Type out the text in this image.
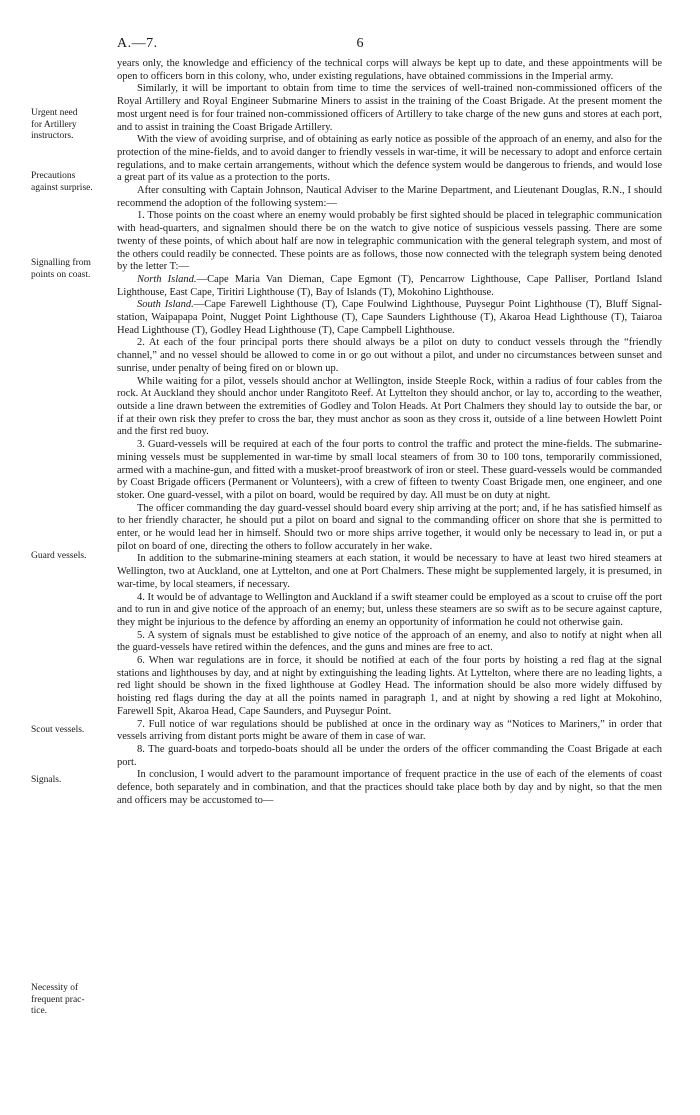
A.—7.	6
Urgent need
for Artillery
instructors.
Precautions
against surprise.
Signalling from
points on coast.
Guard vessels.
Scout vessels.
Signals.
Necessity of
frequent prac-
tice.

years only, the knowledge and efficiency of the technical corps will always be kept up to date, and these appointments will be open to officers born in this colony, who, under existing regulations, have obtained commissions in the Imperial army.

Similarly, it will be important to obtain from time to time the services of well-trained non-commissioned officers of the Royal Artillery and Royal Engineer Submarine Miners to assist in the training of the Coast Brigade. At the present moment the most urgent need is for four trained non-commissioned officers of Artillery to take charge of the new guns and stores at each port, and to assist in training the Coast Brigade Artillery.

With the view of avoiding surprise, and of obtaining as early notice as possible of the approach of an enemy, and also for the protection of the mine-fields, and to avoid danger to friendly vessels in war-time, it will be necessary to adopt and enforce certain regulations, and to make certain arrangements, without which the defence system would be dangerous to friends, and would lose a great part of its value as a protection to the ports.

After consulting with Captain Johnson, Nautical Adviser to the Marine Department, and Lieutenant Douglas, R.N., I should recommend the adoption of the following system:—

1. Those points on the coast where an enemy would probably be first sighted should be placed in telegraphic communication with head-quarters, and signalmen should there be on the watch to give notice of suspicious vessels passing. There are some twenty of these points, of which about half are now in telegraphic communication with the general telegraph system, and most of the others could readily be connected. These points are as follows, those now connected with the telegraph system being denoted by the letter T:—

North Island.—Cape Maria Van Dieman, Cape Egmont (T), Pencarrow Lighthouse, Cape Palliser, Portland Island Lighthouse, East Cape, Tiritiri Lighthouse (T), Bay of Islands (T), Mokohino Lighthouse.

South Island.—Cape Farewell Lighthouse (T), Cape Foulwind Lighthouse, Puysegur Point Lighthouse (T), Bluff Signal-station, Waipapapa Point, Nugget Point Lighthouse (T), Cape Saunders Lighthouse (T), Akaroa Head Lighthouse (T), Taiaroa Head Lighthouse (T), Godley Head Lighthouse (T), Cape Campbell Lighthouse.

2. At each of the four principal ports there should always be a pilot on duty to conduct vessels through the “friendly channel,” and no vessel should be allowed to come in or go out without a pilot, and under no circumstances between sunset and sunrise, under penalty of being fired on or blown up.

While waiting for a pilot, vessels should anchor at Wellington, inside Steeple Rock, within a radius of four cables from the rock. At Auckland they should anchor under Rangitoto Reef. At Lyttelton they should anchor, or lay to, according to the weather, outside a line drawn between the extremities of Godley and Tolon Heads. At Port Chalmers they should lay to outside the bar, or if at their own risk they prefer to cross the bar, they must anchor as soon as they cross it, outside of a line between Howlett Point and the first red buoy.

3. Guard-vessels will be required at each of the four ports to control the traffic and protect the mine-fields. The submarine-mining vessels must be supplemented in war-time by small local steamers of from 30 to 100 tons, temporarily commissioned, armed with a machine-gun, and fitted with a musket-proof breastwork of iron or steel. These guard-vessels would be commanded by Coast Brigade officers (Permanent or Volunteers), with a crew of fifteen to twenty Coast Brigade men, one engineer, and one stoker. One guard-vessel, with a pilot on board, would be required by day. All must be on duty at night.

The officer commanding the day guard-vessel should board every ship arriving at the port; and, if he has satisfied himself as to her friendly character, he should put a pilot on board and signal to the commanding officer on shore that she is permitted to enter, or he would lead her in himself. Should two or more ships arrive together, it would only be necessary to lead in, or put a pilot on board of one, directing the others to follow accurately in her wake.

In addition to the submarine-mining steamers at each station, it would be necessary to have at least two hired steamers at Wellington, two at Auckland, one at Lyttelton, and one at Port Chalmers. These might be supplemented largely, it is presumed, in war-time, by local steamers, if necessary.

4. It would be of advantage to Wellington and Auckland if a swift steamer could be employed as a scout to cruise off the port and to run in and give notice of the approach of an enemy; but, unless these steamers are so swift as to be secure against capture, they might be injurious to the defence by affording an enemy an opportunity of information he could not otherwise gain.

5. A system of signals must be established to give notice of the approach of an enemy, and also to notify at night when all the guard-vessels have retired within the defences, and the guns and mines are free to act.

6. When war regulations are in force, it should be notified at each of the four ports by hoisting a red flag at the signal stations and lighthouses by day, and at night by extinguishing the leading lights. At Lyttelton, where there are no leading lights, a red light should be shown in the fixed lighthouse at Godley Head. The information should be also more widely diffused by hoisting red flags during the day at all the points named in paragraph 1, and at night by showing a red light at Mokohino, Farewell Spit, Akaroa Head, Cape Saunders, and Puysegur Point.

7. Full notice of war regulations should be published at once in the ordinary way as “Notices to Mariners,” in order that vessels arriving from distant ports might be aware of them in case of war.

8. The guard-boats and torpedo-boats should all be under the orders of the officer commanding the Coast Brigade at each port.

In conclusion, I would advert to the paramount importance of frequent practice in the use of each of the elements of coast defence, both separately and in combination, and that the practices should take place both by day and by night, so that the men and officers may be accustomed to—
